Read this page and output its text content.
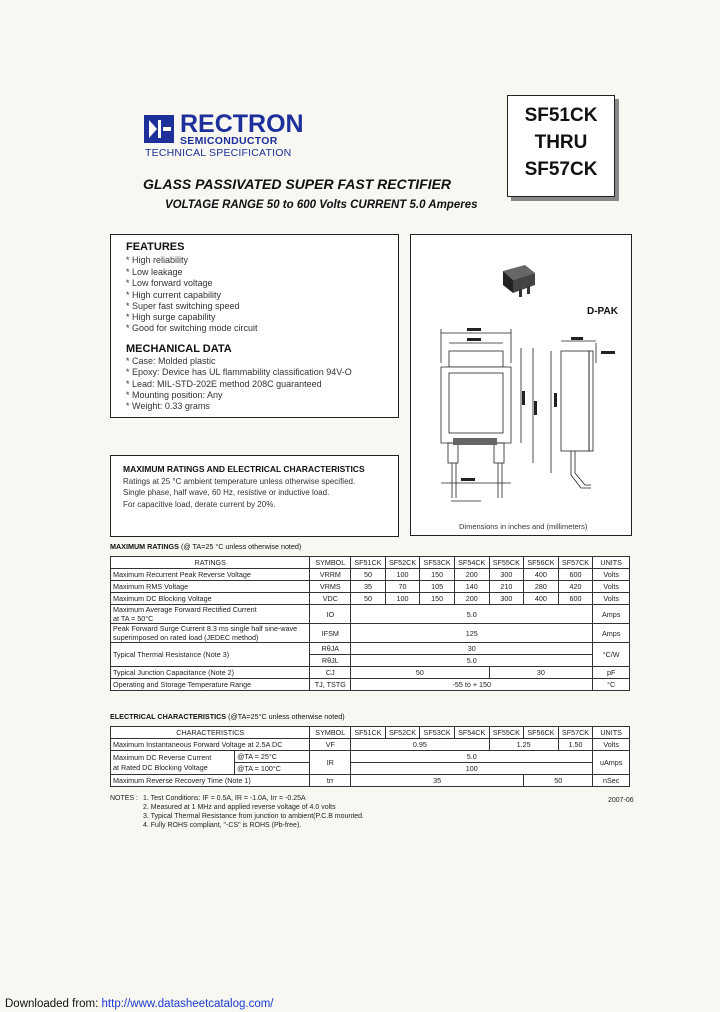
RECTRON
SEMICONDUCTOR
TECHNICAL SPECIFICATION
SF51CK
THRU
SF57CK
GLASS PASSIVATED SUPER FAST RECTIFIER
VOLTAGE RANGE 50 to 600 Volts CURRENT 5.0 Amperes
FEATURES
* High reliability
* Low leakage
* Low forward voltage
* High current capability
* Super fast switching speed
* High surge capability
* Good for switching mode circuit
MECHANICAL DATA
* Case: Molded plastic
* Epoxy: Device has UL flammability classification 94V-O
* Lead: MIL-STD-202E method 208C guaranteed
* Mounting position: Any
* Weight: 0.33 grams
D-PAK
Dimensions in inches and (millimeters)
MAXIMUM RATINGS AND ELECTRICAL CHARACTERISTICS
Ratings at 25 °C ambient temperature unless otherwise specified.
Single phase, half wave, 60 Hz, resistive or inductive load.
For capacitive load, derate current by 20%.
MAXIMUM RATINGS (@ TA=25 °C unless otherwise noted)
RATINGS	SYMBOL	SF51CK	SF52CK	SF53CK	SF54CK	SF55CK	SF56CK	SF57CK	UNITS
Maximum Recurrent Peak Reverse Voltage	VRRM	50	100	150	200	300	400	600	Volts
Maximum RMS Voltage	VRMS	35	70	105	140	210	280	420	Volts
Maximum DC Blocking Voltage	VDC	50	100	150	200	300	400	600	Volts

Maximum Average Forward Rectified Current
at TA = 50°C	IO	5.0							Amps

Peak Forward Surge Current 8.3 ms single half sine-wave
superimposed on rated load (JEDEC method)	IFSM	125							Amps
Typical Thermal Resistance (Note 3)	RθJA	30							°C/W
	RθJL	5.0							
Typical Junction Capacitance (Note 2)	CJ	50				30			pF
Operating and Storage Temperature Range	TJ, TSTG	-55 to + 150							°C
ELECTRICAL CHARACTERISTICS (@TA=25°C unless otherwise noted)
CHARACTERISTICS		SYMBOL	SF51CK	SF52CK	SF53CK	SF54CK	SF55CK	SF56CK	SF57CK	UNITS
Maximum Instantaneous Forward Voltage at 2.5A DC		VF	0.95				1.25		1.50	Volts

Maximum DC Reverse Current
at Rated DC Blocking Voltage	@TA = 25°C	IR	5.0							uAmps
	@TA = 100°C		100							
Maximum Reverse Recovery Time (Note 1)		trr	35					50		nSec
NOTES : 1. Test Conditions: IF = 0.5A, IR = -1.0A, Irr = -0.25A
2. Measured at 1 MHz and applied reverse voltage of 4.0 volts
3. Typical Thermal Resistance from junction to ambient(P.C.B mounted.
4. Fully ROHS compliant, "-CS" is ROHS (Pb-free).
2007-06
Downloaded from: http://www.datasheetcatalog.com/
